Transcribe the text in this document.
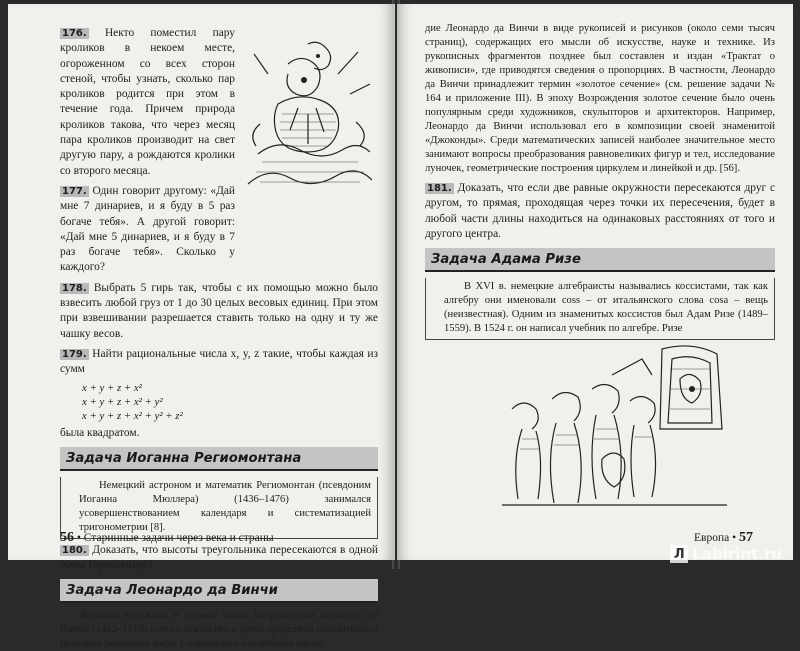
176. Некто поместил пару кроликов в некоем месте, огороженном со всех сторон стеной, чтобы узнать, сколько пар кроликов родится при этом в течение года. Причем природа кроликов такова, что через месяц пара кроликов производит на свет другую пару, а рождаются кролики со второго месяца.

177. Один говорит другому: «Дай мне 7 динариев, и я буду в 5 раз богаче тебя». А другой говорит: «Дай мне 5 динариев, и я буду в 7 раз богаче тебя». Сколько у каждого?

178. Выбрать 5 гирь так, чтобы с их помощью можно было взвесить любой груз от 1 до 30 целых весовых единиц. При этом при взвешивании разрешается ставить только на одну и ту же чашку весов.

179. Найти рациональные числа x, y, z такие, чтобы каждая из сумм

x + y + z + x²
x + y + z + x² + y²
x + y + z + x² + y² + z²

была квадратом.

Задача Иоганна Региомонтана

Немецкий астроном и математик Региомонтан (псевдоним Иоганна Мюллера) (1436–1476) занимался усовершенствованием календаря и систематизацией тригонометрии [8].

180. Доказать, что высоты треугольника пересекаются в одной точке (ортоцентре).

Задача Леонардо да Винчи

Великий художник и ученый эпохи Возрождения Леонардо да Винчи (1452–1519) считал искусство и науку средством объективного познания реального мира. Сохранилось богатейшее насле-

56 • Старинные задачи через века и страны

дие Леонардо да Винчи в виде рукописей и рисунков (около семи тысяч страниц), содержащих его мысли об искусстве, науке и технике. Из рукописных фрагментов позднее был составлен и издан «Трактат о живописи», где приводятся сведения о пропорциях. В частности, Леонардо да Винчи принадлежит термин «золотое сечение» (см. решение задачи № 164 и приложение III). В эпоху Возрождения золотое сечение было очень популярным среди художников, скульпторов и архитекторов. Например, Леонардо да Винчи использовал его в композиции своей знаменитой «Джоконды». Среди математических записей наиболее значительное место занимают вопросы преобразования равновеликих фигур и тел, исследование луночек, геометрические построения циркулем и линейкой и др. [56].

181. Доказать, что если две равные окружности пересекаются друг с другом, то прямая, проходящая через точки их пересечения, будет в любой части длины находиться на одинаковых расстояниях от того и другого центра.

Задача Адама Ризе

В XVI в. немецкие алгебраисты назывались коссистами, так как алгебру они именовали coss – от итальянского слова cosa – вещь (неизвестная). Одним из знаменитых коссистов был Адам Ризе (1489–1559). В 1524 г. он написал учебник по алгебре. Ризе

Европа • 57
Л Labirint.ru
